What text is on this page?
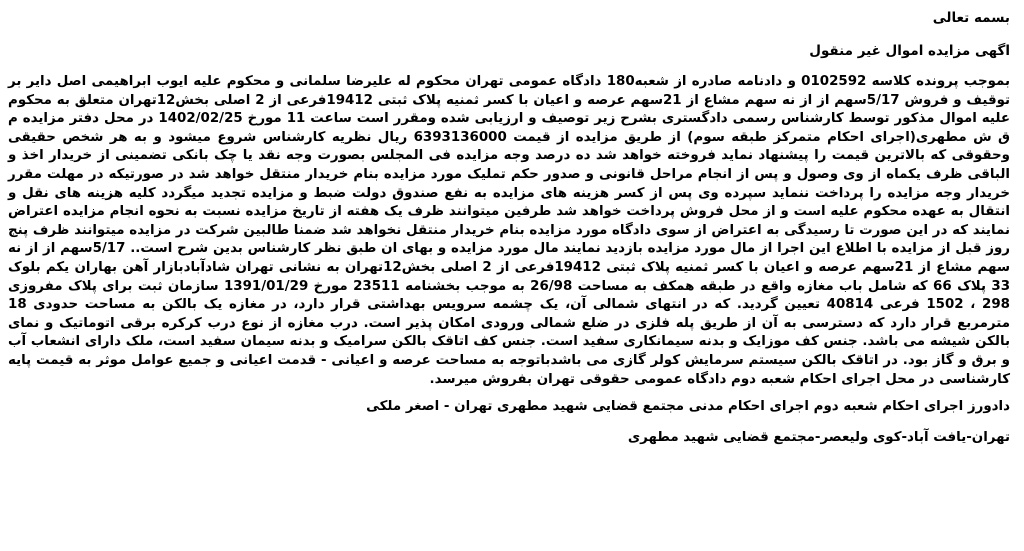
بسمه تعالی
اگهی مزایده اموال غیر منقول

بموجب پرونده کلاسه 0102592 و دادنامه صادره از شعبه180 دادگاه عمومی تهران محکوم له علیرضا سلمانی و محکوم علیه ایوب ابراهیمی اصل دایر بر توقیف و فروش 5/17سهم از از نه سهم مشاع از 21سهم عرصه و اعیان با کسر ثمنیه پلاک ثبتی 19412فرعی از 2 اصلی بخش12تهران متعلق به محکوم علیه اموال مذکور توسط کارشناس رسمی دادگستری بشرح زیر توصیف و ارزیابی شده ومقرر است ساعت 11 مورخ 1402/02/25 در محل دفتر مزایده م ق ش مطهری(اجرای احکام متمرکز طبقه سوم) از طریق مزایده از قیمت 6393136000 ریال نظریه کارشناس شروع میشود و به هر شخص حقیقی وحقوقی که بالاترین قیمت را پیشنهاد نماید فروخته خواهد شد ده درصد وجه مزایده فی المجلس بصورت وجه نقد یا چک بانکی تضمینی از خریدار اخذ و الباقی ظرف یکماه از وی وصول و پس از انجام مراحل قانونی و صدور حکم تملیک مورد مزایده بنام خریدار منتقل خواهد شد در صورتیکه در مهلت مقرر خریدار وجه مزایده را پرداخت ننماید سپرده وی پس از کسر هزینه های مزایده به نفع صندوق دولت ضبط و مزایده تجدید میگردد کلیه هزینه های نقل و انتقال به عهده محکوم علیه است و از محل فروش پرداخت خواهد شد طرفین میتوانند ظرف یک هفته از تاریخ مزایده نسبت به نحوه انجام مزایده اعتراض نمایند که در این صورت تا رسیدگی به اعتراض از سوی دادگاه مورد مزایده بنام خریدار منتقل نخواهد شد ضمنا طالبین شرکت در مزایده میتوانند ظرف پنج روز قبل از مزایده با اطلاع این اجرا از مال مورد مزایده بازدید نمایند مال مورد مزایده و بهای ان طبق نظر کارشناس بدین شرح است.. 5/17سهم از از نه سهم مشاع از 21سهم عرصه و اعیان با کسر ثمنیه پلاک ثبتی 19412فرعی از 2 اصلی بخش12تهران به نشانی تهران شادآبادبازار آهن بهاران یکم بلوک 33 پلاک 66 که شامل باب مغازه واقع در طبقه همکف به مساحت 26/98 به موجب بخشنامه 23511 مورخ 1391/01/29 سازمان ثبت برای پلاک مفروزی 298 ، 1502 فرعی 40814 تعیین گردید. که در انتهای شمالی آن، یک چشمه سرویس بهداشتی قرار دارد، در مغازه یک بالکن به مساحت حدودی 18 مترمربع قرار دارد که دسترسی به آن از طریق پله فلزی در ضلع شمالی ورودی امکان پذیر است. درب مغازه از نوع درب کرکره برقی اتوماتیک و نمای بالکن شیشه می باشد. جنس کف موزایک و بدنه سیمانکاری سفید است. جنس کف اتاقک بالکن سرامیک و بدنه سیمان سفید است، ملک دارای انشعاب آب و برق و گاز بود. در اتاقک بالکن سیستم سرمایش کولر گازی می باشدباتوجه به مساحت عرصه و اعیانی - قدمت اعیانی و جمیع عوامل موثر به قیمت پایه کارشناسی در محل اجرای احکام شعبه دوم دادگاه عمومی حقوقی تهران بفروش میرسد.

دادورز اجرای احکام شعبه دوم اجرای احکام مدنی مجتمع قضایی شهید مطهری تهران - اصغر ملکی

تهران-یافت آباد-کوی ولیعصر-مجتمع قضایی شهید مطهری
